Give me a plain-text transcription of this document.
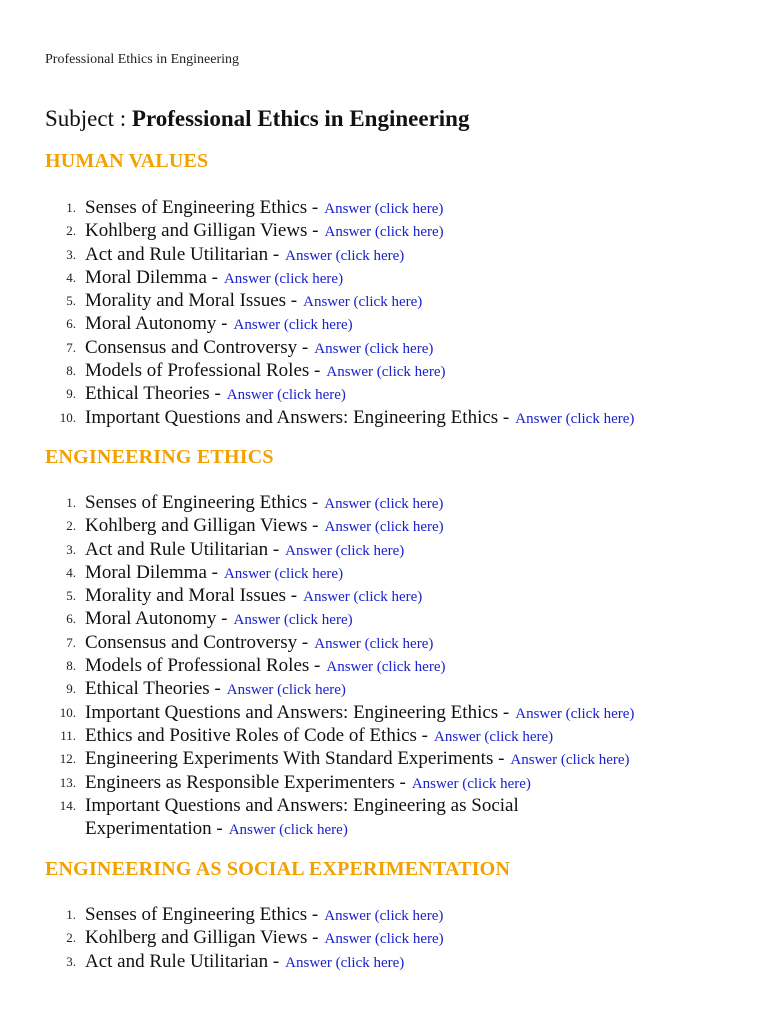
Professional Ethics in Engineering
Subject : Professional Ethics in Engineering
HUMAN VALUES
1. Senses of Engineering Ethics - Answer (click here)
2. Kohlberg and Gilligan Views - Answer (click here)
3. Act and Rule Utilitarian - Answer (click here)
4. Moral Dilemma - Answer (click here)
5. Morality and Moral Issues - Answer (click here)
6. Moral Autonomy - Answer (click here)
7. Consensus and Controversy - Answer (click here)
8. Models of Professional Roles - Answer (click here)
9. Ethical Theories - Answer (click here)
10. Important Questions and Answers: Engineering Ethics - Answer (click here)
ENGINEERING ETHICS
1. Senses of Engineering Ethics - Answer (click here)
2. Kohlberg and Gilligan Views - Answer (click here)
3. Act and Rule Utilitarian - Answer (click here)
4. Moral Dilemma - Answer (click here)
5. Morality and Moral Issues - Answer (click here)
6. Moral Autonomy - Answer (click here)
7. Consensus and Controversy - Answer (click here)
8. Models of Professional Roles - Answer (click here)
9. Ethical Theories - Answer (click here)
10. Important Questions and Answers: Engineering Ethics - Answer (click here)
11. Ethics and Positive Roles of Code of Ethics - Answer (click here)
12. Engineering Experiments With Standard Experiments - Answer (click here)
13. Engineers as Responsible Experimenters - Answer (click here)
14. Important Questions and Answers: Engineering as Social
Experimentation - Answer (click here)
ENGINEERING AS SOCIAL EXPERIMENTATION
1. Senses of Engineering Ethics - Answer (click here)
2. Kohlberg and Gilligan Views - Answer (click here)
3. Act and Rule Utilitarian - Answer (click here)
